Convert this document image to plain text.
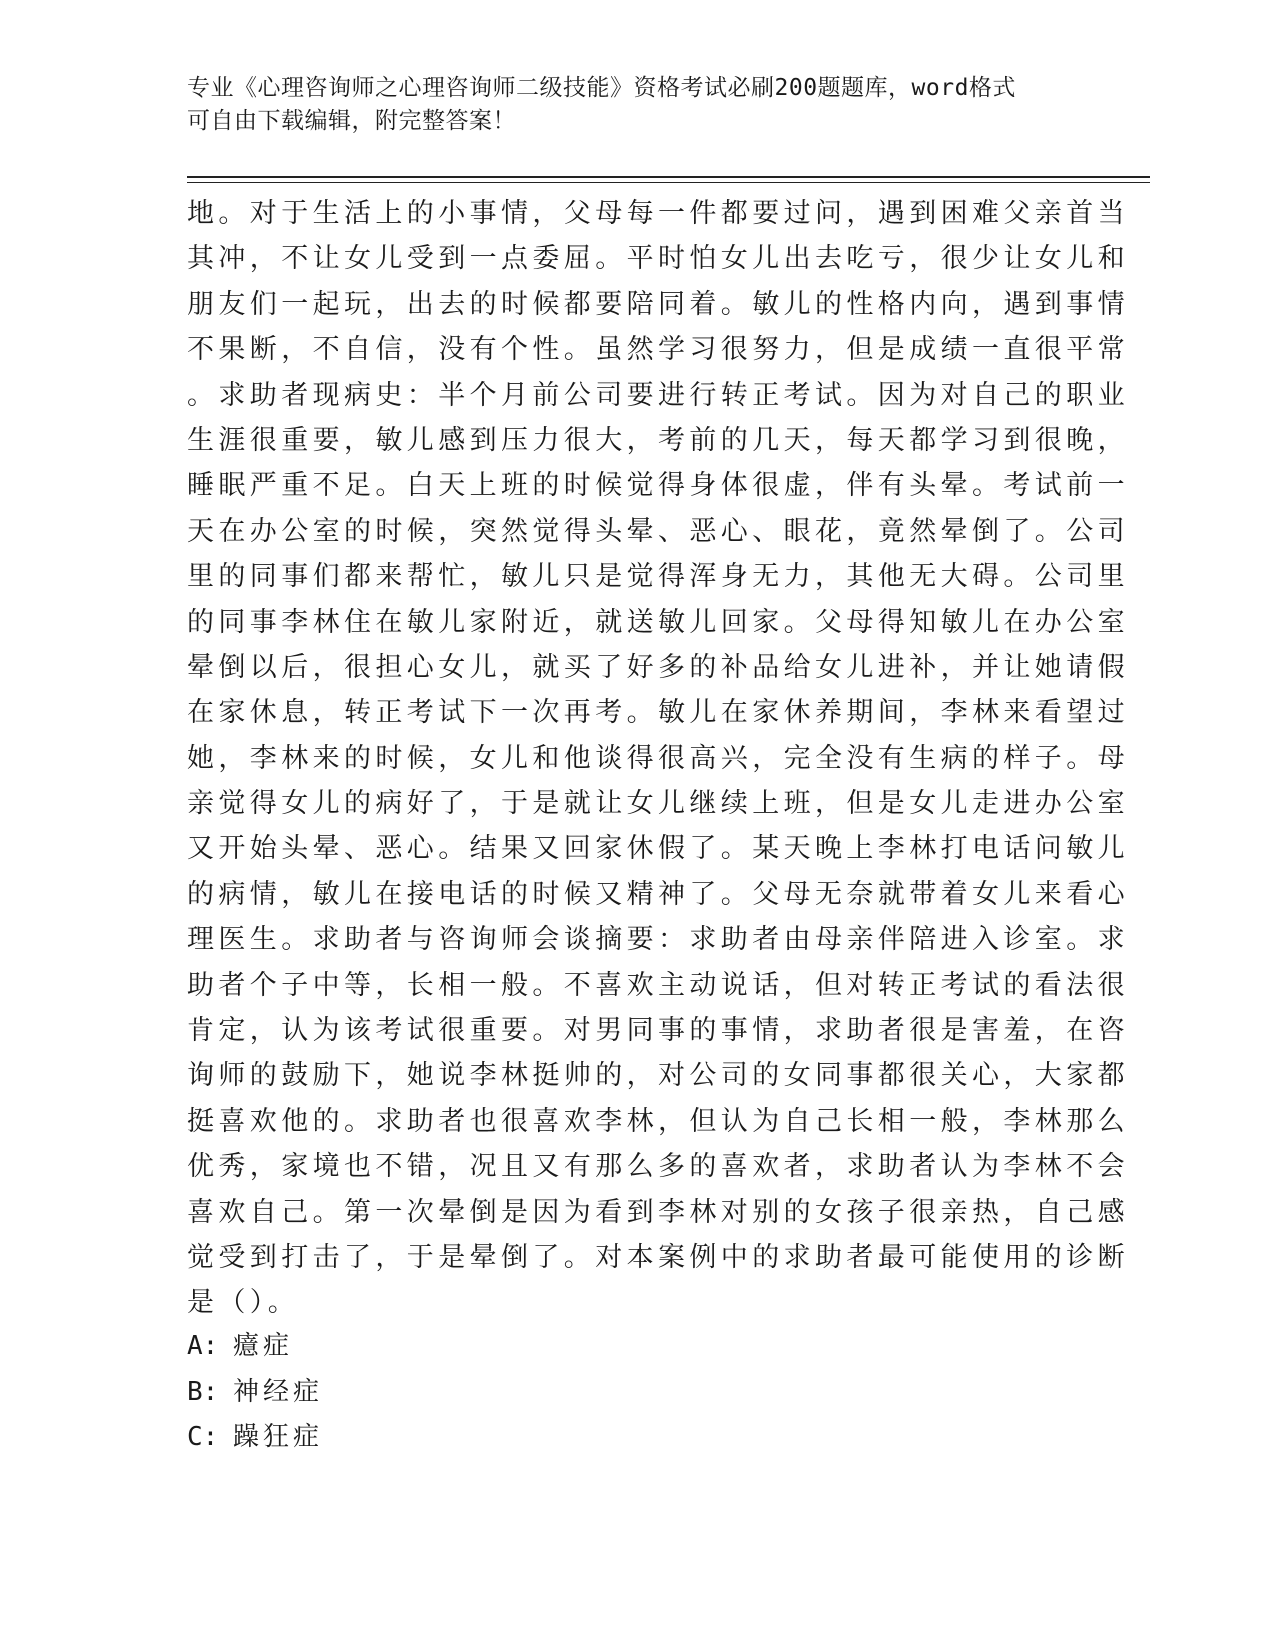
专业《心理咨询师之心理咨询师二级技能》资格考试必刷200题题库，word格式
可自由下载编辑，附完整答案！
地。对于生活上的小事情，父母每一件都要过问，遇到困难父亲首当
其冲，不让女儿受到一点委屈。平时怕女儿出去吃亏，很少让女儿和
朋友们一起玩，出去的时候都要陪同着。敏儿的性格内向，遇到事情
不果断，不自信，没有个性。虽然学习很努力，但是成绩一直很平常
。求助者现病史：半个月前公司要进行转正考试。因为对自己的职业
生涯很重要，敏儿感到压力很大，考前的几天，每天都学习到很晚，
睡眠严重不足。白天上班的时候觉得身体很虚，伴有头晕。考试前一
天在办公室的时候，突然觉得头晕、恶心、眼花，竟然晕倒了。公司
里的同事们都来帮忙，敏儿只是觉得浑身无力，其他无大碍。公司里
的同事李林住在敏儿家附近，就送敏儿回家。父母得知敏儿在办公室
晕倒以后，很担心女儿，就买了好多的补品给女儿进补，并让她请假
在家休息，转正考试下一次再考。敏儿在家休养期间，李林来看望过
她，李林来的时候，女儿和他谈得很高兴，完全没有生病的样子。母
亲觉得女儿的病好了，于是就让女儿继续上班，但是女儿走进办公室
又开始头晕、恶心。结果又回家休假了。某天晚上李林打电话问敏儿
的病情，敏儿在接电话的时候又精神了。父母无奈就带着女儿来看心
理医生。求助者与咨询师会谈摘要：求助者由母亲伴陪进入诊室。求
助者个子中等，长相一般。不喜欢主动说话，但对转正考试的看法很
肯定，认为该考试很重要。对男同事的事情，求助者很是害羞，在咨
询师的鼓励下，她说李林挺帅的，对公司的女同事都很关心，大家都
挺喜欢他的。求助者也很喜欢李林，但认为自己长相一般，李林那么
优秀，家境也不错，况且又有那么多的喜欢者，求助者认为李林不会
喜欢自己。第一次晕倒是因为看到李林对别的女孩子很亲热，自己感
觉受到打击了，于是晕倒了。对本案例中的求助者最可能使用的诊断
是（）。
A: 癔症
B: 神经症
C: 躁狂症
